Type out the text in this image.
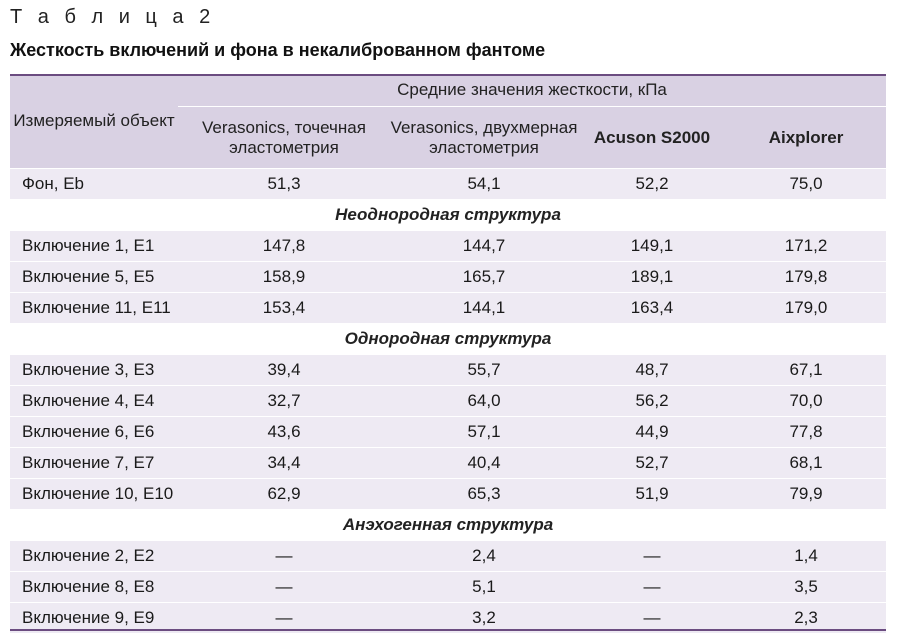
Т а б л и ц а 2
Жесткость включений и фона в некалиброванном фантоме
Измеряемый объект	Средние значения жесткости, кПа			
	Verasonics, точечная эластометрия	Verasonics, двухмерная эластометрия	Acuson S2000	Aixplorer
Фон, Eb	51,3	54,1	52,2	75,0
Неоднородная структура				
Включение 1, E1	147,8	144,7	149,1	171,2
Включение 5, E5	158,9	165,7	189,1	179,8
Включение 11, E11	153,4	144,1	163,4	179,0
Однородная структура				
Включение 3, E3	39,4	55,7	48,7	67,1
Включение 4, E4	32,7	64,0	56,2	70,0
Включение 6, E6	43,6	57,1	44,9	77,8
Включение 7, E7	34,4	40,4	52,7	68,1
Включение 10, E10	62,9	65,3	51,9	79,9
Анэхогенная структура				
Включение 2, E2	—	2,4	—	1,4
Включение 8, E8	—	5,1	—	3,5
Включение 9, E9	—	3,2	—	2,3
